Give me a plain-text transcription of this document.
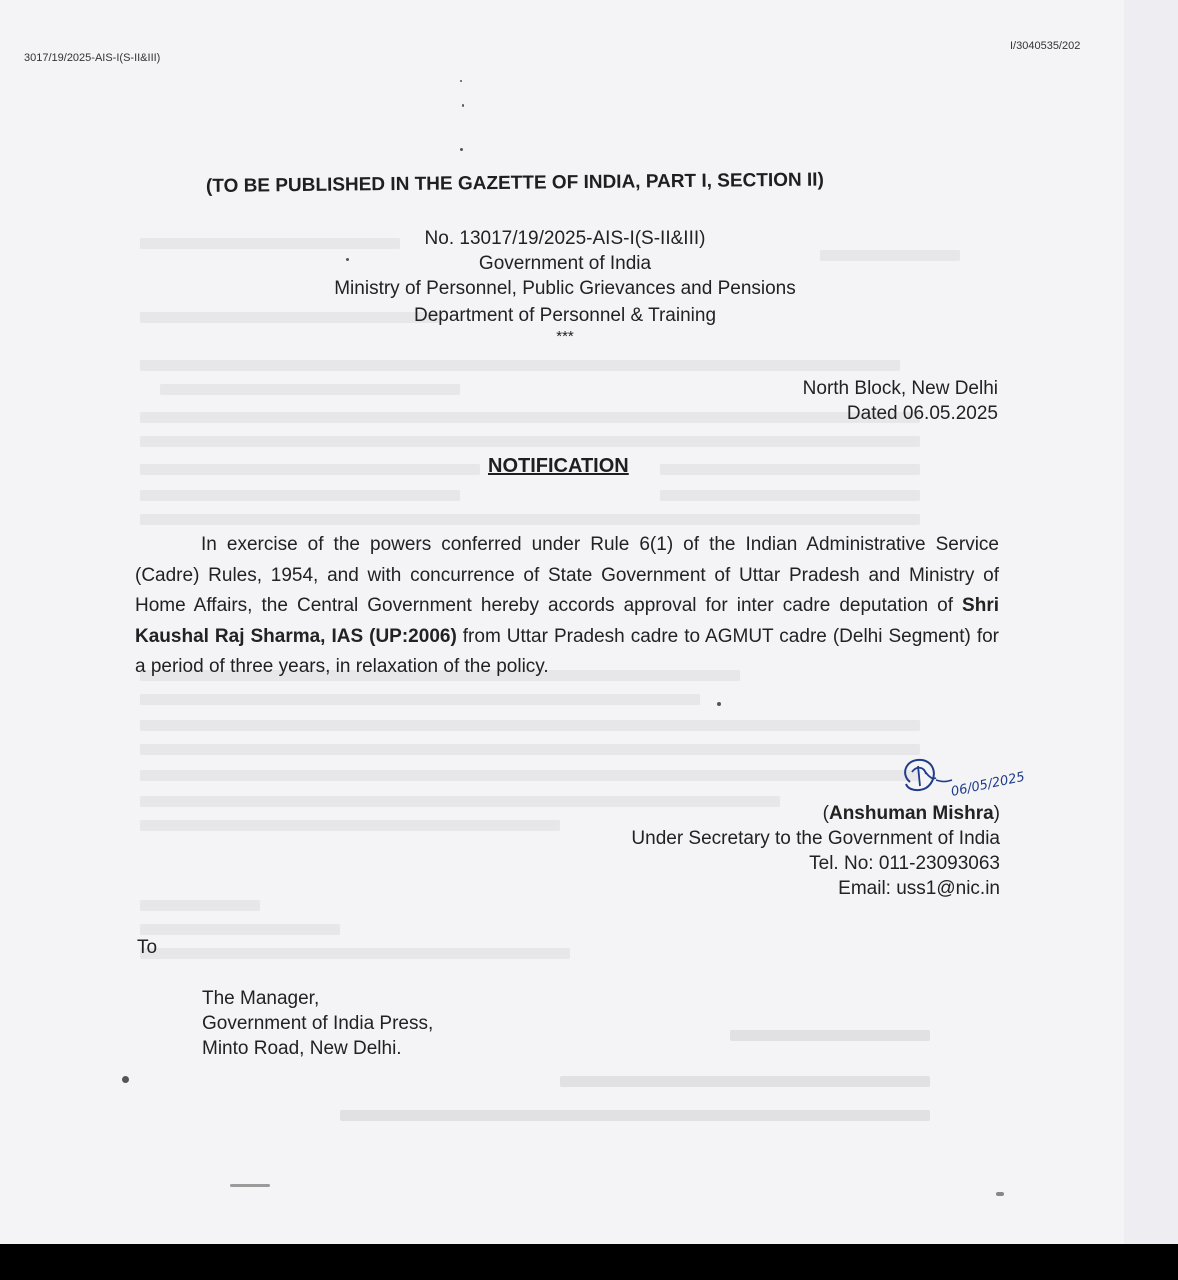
3017/19/2025-AIS-I(S-II&III)
I/3040535/202
(TO BE PUBLISHED IN THE GAZETTE OF INDIA, PART I, SECTION II)
No. 13017/19/2025-AIS-I(S-II&III)
Government of India
Ministry of Personnel, Public Grievances and Pensions
Department of Personnel & Training
***
North Block, New Delhi
Dated 06.05.2025
NOTIFICATION
In exercise of the powers conferred under Rule 6(1) of the Indian Administrative Service (Cadre) Rules, 1954, and with concurrence of State Government of Uttar Pradesh and Ministry of Home Affairs, the Central Government hereby accords approval for inter cadre deputation of Shri Kaushal Raj Sharma, IAS (UP:2006) from Uttar Pradesh cadre to AGMUT cadre (Delhi Segment) for a period of three years, in relaxation of the policy.
06/05/2025
(Anshuman Mishra)
Under Secretary to the Government of India
Tel. No: 011-23093063
Email: uss1@nic.in
To
The Manager,
Government of India Press,
Minto Road, New Delhi.
